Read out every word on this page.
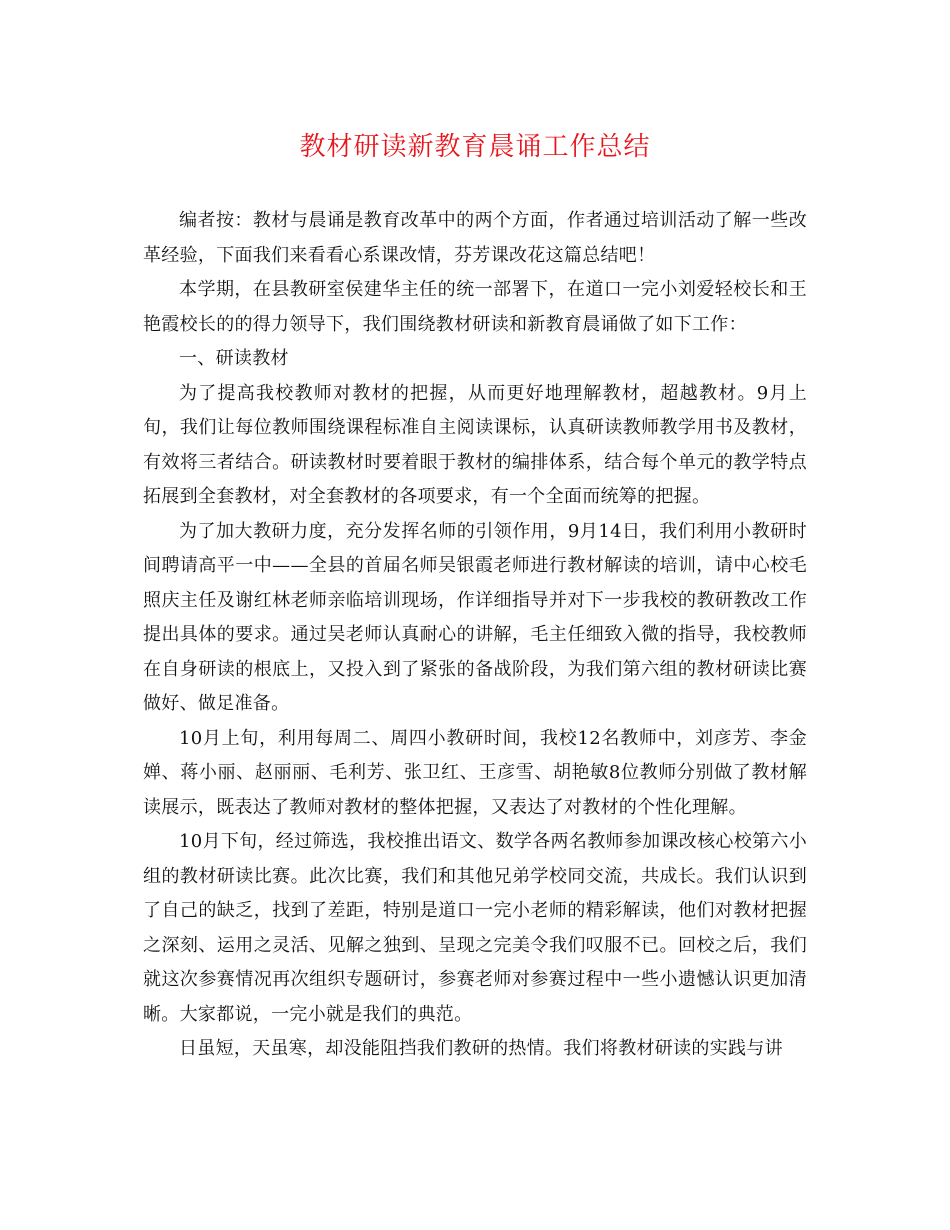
教材研读新教育晨诵工作总结

编者按：教材与晨诵是教育改革中的两个方面，作者通过培训活动了解一些改革经验，下面我们来看看心系课改情，芬芳课改花这篇总结吧！

本学期，在县教研室侯建华主任的统一部署下，在道口一完小刘爱轻校长和王艳霞校长的的得力领导下，我们围绕教材研读和新教育晨诵做了如下工作：

一、研读教材

为了提高我校教师对教材的把握，从而更好地理解教材，超越教材。9月上旬，我们让每位教师围绕课程标准自主阅读课标，认真研读教师教学用书及教材，有效将三者结合。研读教材时要着眼于教材的编排体系，结合每个单元的教学特点拓展到全套教材，对全套教材的各项要求，有一个全面而统筹的把握。

为了加大教研力度，充分发挥名师的引领作用，9月14日，我们利用小教研时间聘请高平一中——全县的首届名师吴银霞老师进行教材解读的培训，请中心校毛照庆主任及谢红林老师亲临培训现场，作详细指导并对下一步我校的教研教改工作提出具体的要求。通过吴老师认真耐心的讲解，毛主任细致入微的指导，我校教师在自身研读的根底上，又投入到了紧张的备战阶段，为我们第六组的教材研读比赛做好、做足准备。

10月上旬，利用每周二、周四小教研时间，我校12名教师中，刘彦芳、李金婵、蒋小丽、赵丽丽、毛利芳、张卫红、王彦雪、胡艳敏8位教师分别做了教材解读展示，既表达了教师对教材的整体把握，又表达了对教材的个性化理解。

10月下旬，经过筛选，我校推出语文、数学各两名教师参加课改核心校第六小组的教材研读比赛。此次比赛，我们和其他兄弟学校同交流，共成长。我们认识到了自己的缺乏，找到了差距，特别是道口一完小老师的精彩解读，他们对教材把握之深刻、运用之灵活、见解之独到、呈现之完美令我们叹服不已。回校之后，我们就这次参赛情况再次组织专题研讨，参赛老师对参赛过程中一些小遗憾认识更加清晰。大家都说，一完小就是我们的典范。

日虽短，天虽寒，却没能阻挡我们教研的热情。我们将教材研读的实践与讲
